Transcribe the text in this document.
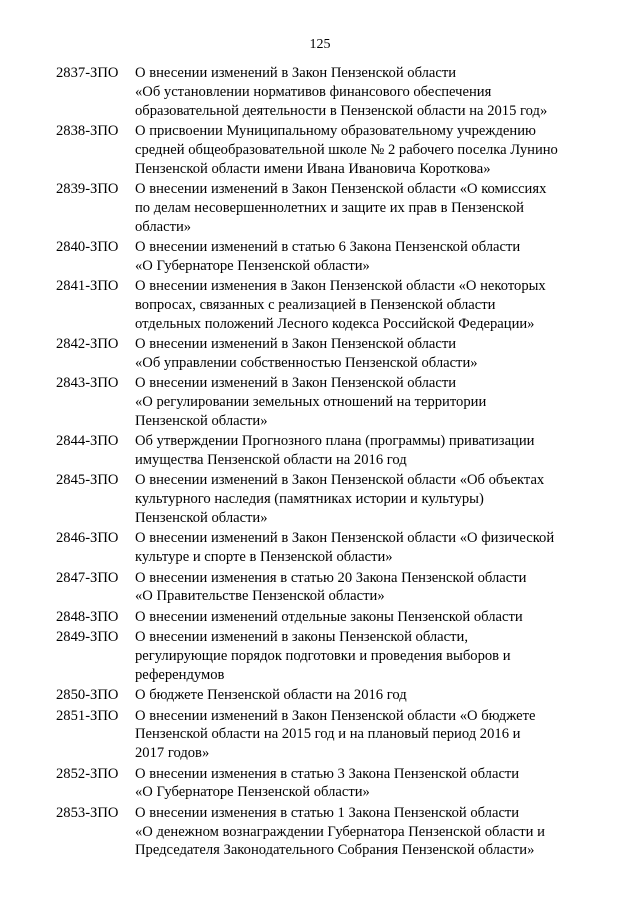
125
2837-ЗПО	О внесении изменений в Закон Пензенской области
«Об установлении нормативов финансового обеспечения
образовательной деятельности в Пензенской области на 2015 год»
2838-ЗПО	О присвоении Муниципальному образовательному учреждению
средней общеобразовательной школе № 2 рабочего поселка Лунино
Пензенской области имени Ивана Ивановича Короткова»
2839-ЗПО	О внесении изменений в Закон Пензенской области «О комиссиях
по делам несовершеннолетних и защите их прав в Пензенской
области»
2840-ЗПО	О внесении изменений в статью 6 Закона Пензенской области
«О Губернаторе Пензенской области»
2841-ЗПО	О внесении изменения в Закон Пензенской области «О некоторых
вопросах, связанных с реализацией в Пензенской области
отдельных положений Лесного кодекса Российской Федерации»
2842-ЗПО	О внесении изменений в Закон Пензенской области
«Об управлении собственностью Пензенской области»
2843-ЗПО	О внесении изменений в Закон Пензенской области
«О регулировании земельных отношений на территории
Пензенской области»
2844-ЗПО	Об утверждении Прогнозного плана (программы) приватизации
имущества Пензенской области на 2016 год
2845-ЗПО	О внесении изменений в Закон Пензенской области «Об объектах
культурного наследия (памятниках истории и культуры)
Пензенской области»
2846-ЗПО	О внесении изменений в Закон Пензенской области «О физической
культуре и спорте в Пензенской области»
2847-ЗПО	О внесении изменения в статью 20 Закона Пензенской области
«О Правительстве Пензенской области»
2848-ЗПО	О внесении изменений отдельные законы Пензенской области
2849-ЗПО	О внесении изменений в законы Пензенской области,
регулирующие порядок подготовки и проведения выборов и
референдумов
2850-ЗПО	О бюджете Пензенской области на 2016 год
2851-ЗПО	О внесении изменений в Закон Пензенской области «О бюджете
Пензенской области на 2015 год и на плановый период 2016 и
2017 годов»
2852-ЗПО	О внесении изменения в статью 3 Закона Пензенской области
«О Губернаторе Пензенской области»
2853-ЗПО	О внесении изменения в статью 1 Закона Пензенской области
«О денежном вознаграждении Губернатора Пензенской области и
Председателя Законодательного Собрания Пензенской области»
